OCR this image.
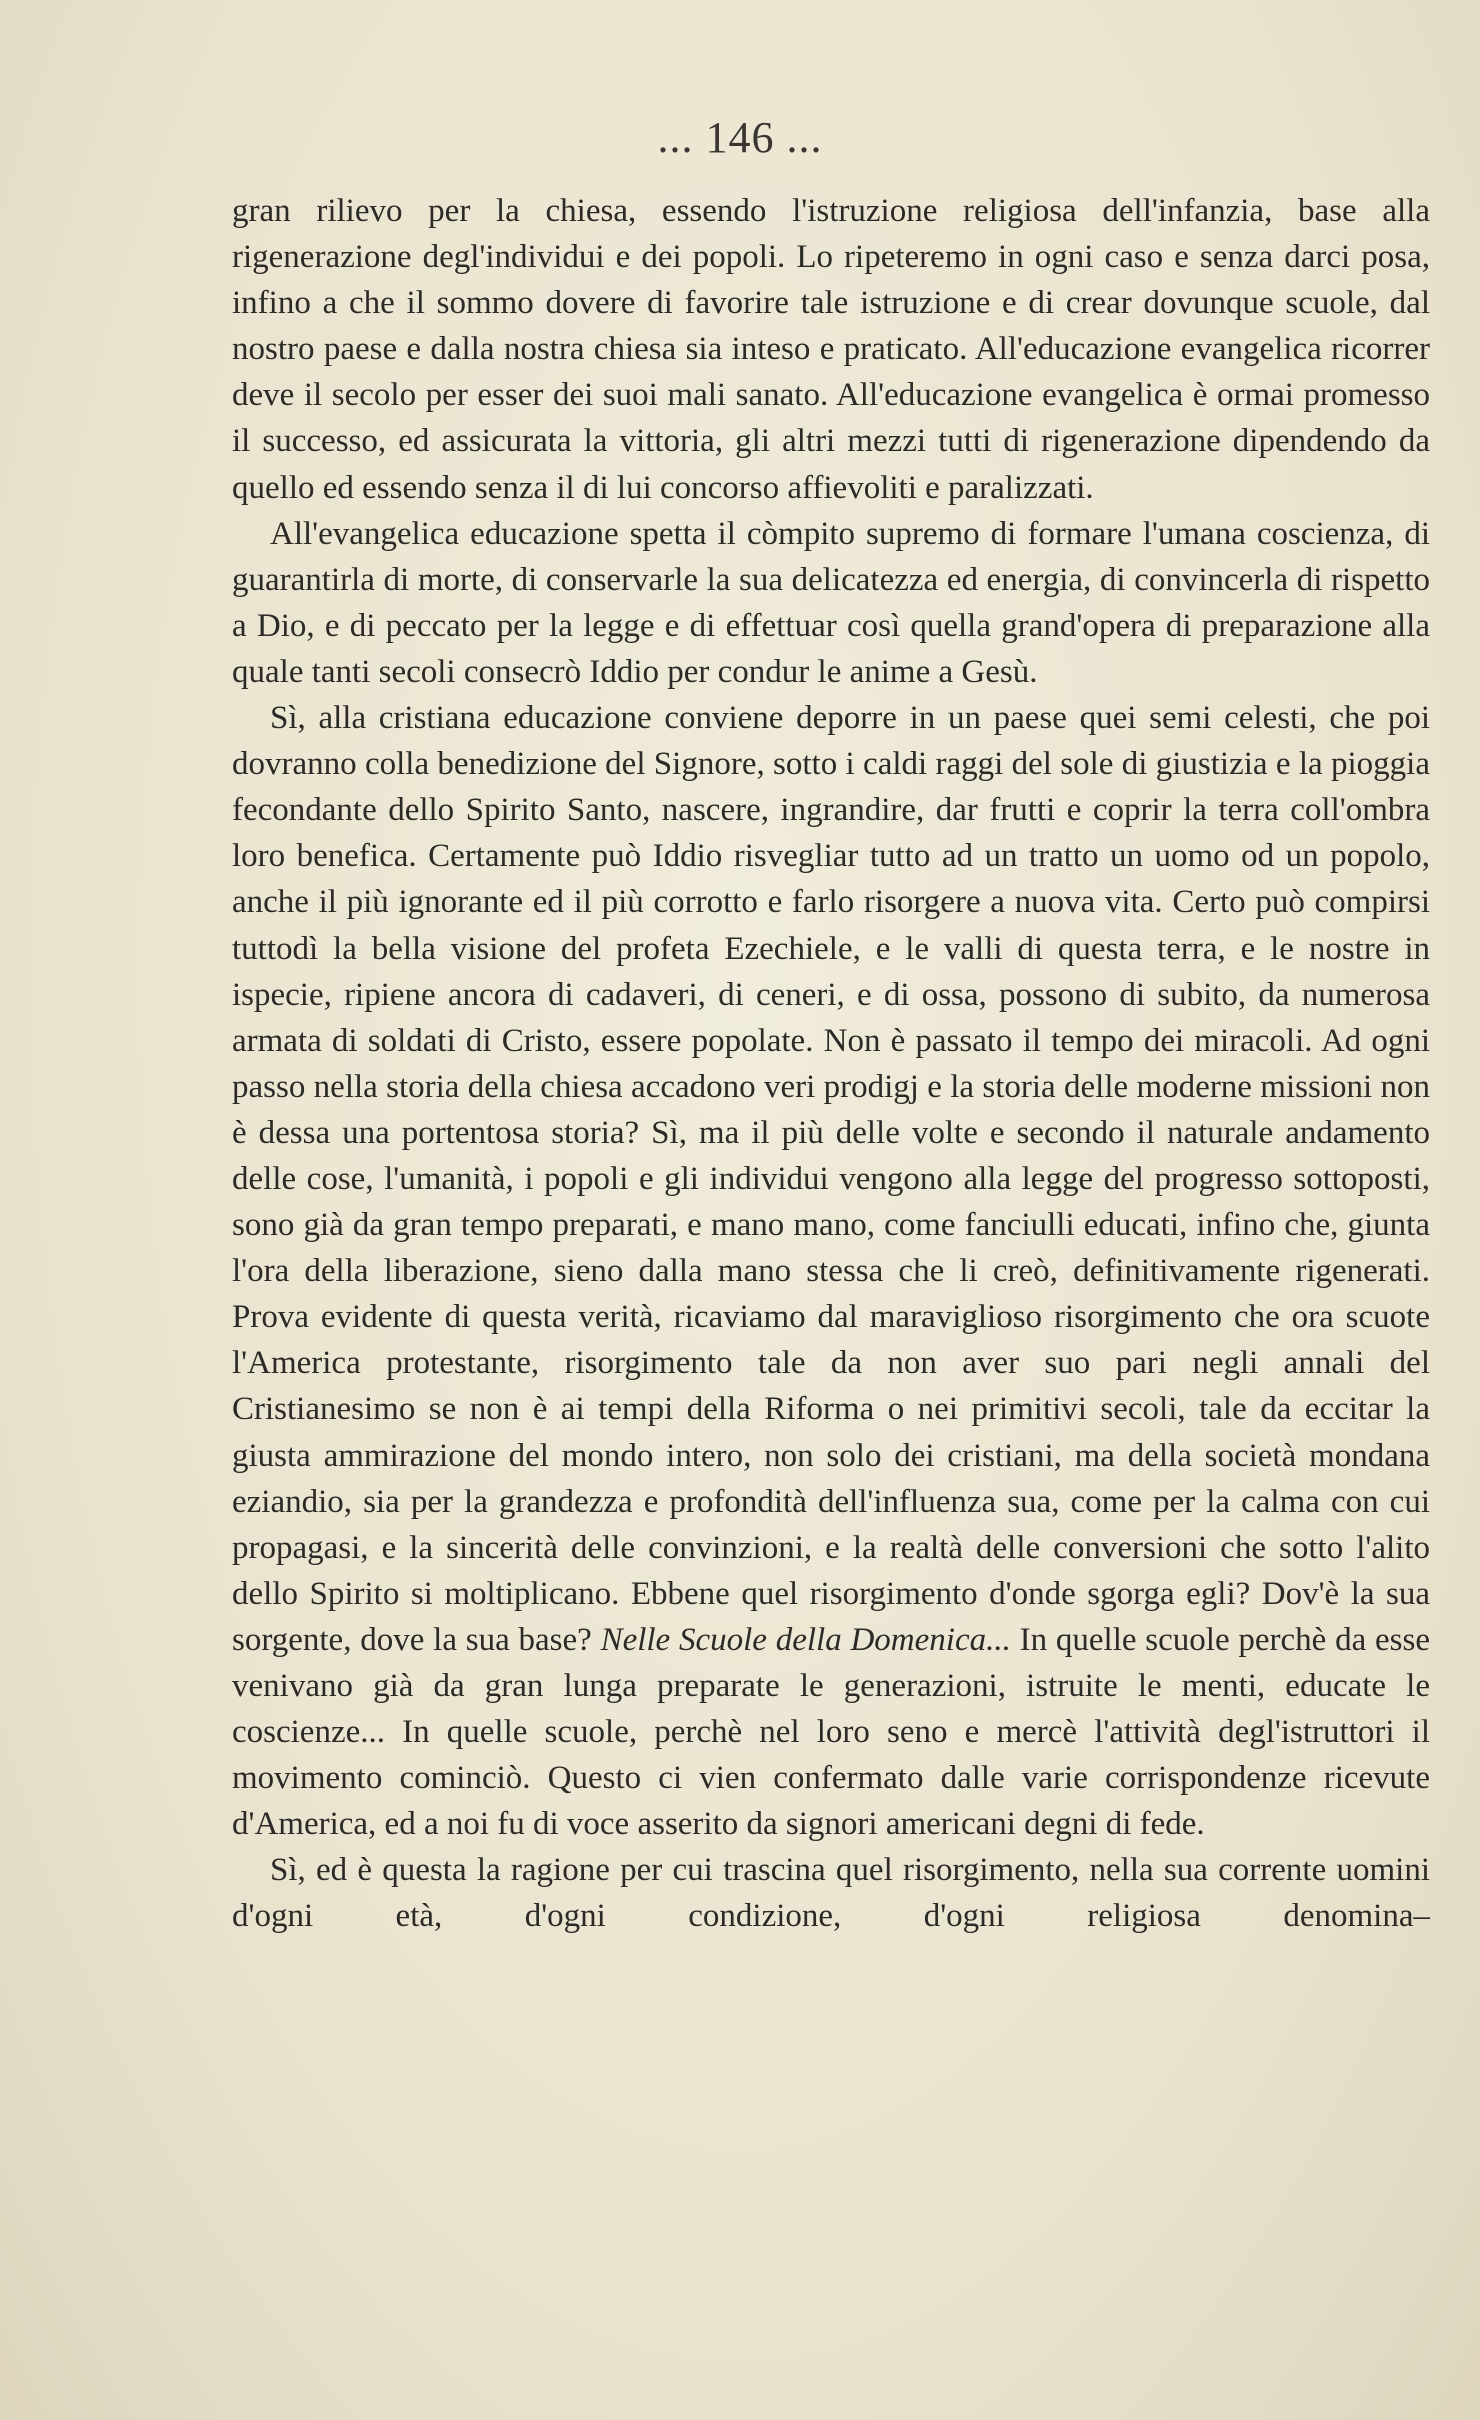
... 146 ...

gran rilievo per la chiesa, essendo l'istruzione religiosa dell'infanzia, base alla rigenerazione degl'individui e dei popoli. Lo ripeteremo in ogni caso e senza darci posa, infino a che il sommo dovere di favorire tale istruzione e di crear dovunque scuole, dal nostro paese e dalla nostra chiesa sia inteso e praticato. All'educazione evangelica ricorrer deve il secolo per esser dei suoi mali sanato. All'educazione evangelica è ormai promesso il successo, ed assicurata la vittoria, gli altri mezzi tutti di rigenerazione dipendendo da quello ed essendo senza il di lui concorso affievoliti e paralizzati.

All'evangelica educazione spetta il còmpito supremo di formare l'umana coscienza, di guarantirla di morte, di conservarle la sua delicatezza ed energia, di convincerla di rispetto a Dio, e di peccato per la legge e di effettuar così quella grand'opera di preparazione alla quale tanti secoli consecrò Iddio per condur le anime a Gesù.

Sì, alla cristiana educazione conviene deporre in un paese quei semi celesti, che poi dovranno colla benedizione del Signore, sotto i caldi raggi del sole di giustizia e la pioggia fecondante dello Spirito Santo, nascere, ingrandire, dar frutti e coprir la terra coll'ombra loro benefica. Certamente può Iddio risvegliar tutto ad un tratto un uomo od un popolo, anche il più ignorante ed il più corrotto e farlo risorgere a nuova vita. Certo può compirsi tuttodì la bella visione del profeta Ezechiele, e le valli di questa terra, e le nostre in ispecie, ripiene ancora di cadaveri, di ceneri, e di ossa, possono di subito, da numerosa armata di soldati di Cristo, essere popolate. Non è passato il tempo dei miracoli. Ad ogni passo nella storia della chiesa accadono veri prodigj e la storia delle moderne missioni non è dessa una portentosa storia? Sì, ma il più delle volte e secondo il naturale andamento delle cose, l'umanità, i popoli e gli individui vengono alla legge del progresso sottoposti, sono già da gran tempo preparati, e mano mano, come fanciulli educati, infino che, giunta l'ora della liberazione, sieno dalla mano stessa che li creò, definitivamente rigenerati. Prova evidente di questa verità, ricaviamo dal maraviglioso risorgimento che ora scuote l'America protestante, risorgimento tale da non aver suo pari negli annali del Cristianesimo se non è ai tempi della Riforma o nei primitivi secoli, tale da eccitar la giusta ammirazione del mondo intero, non solo dei cristiani, ma della società mondana eziandio, sia per la grandezza e profondità dell'influenza sua, come per la calma con cui propagasi, e la sincerità delle convinzioni, e la realtà delle conversioni che sotto l'alito dello Spirito si moltiplicano. Ebbene quel risorgimento d'onde sgorga egli? Dov'è la sua sorgente, dove la sua base? Nelle Scuole della Domenica... In quelle scuole perchè da esse venivano già da gran lunga preparate le generazioni, istruite le menti, educate le coscienze... In quelle scuole, perchè nel loro seno e mercè l'attività degl'istruttori il movimento cominciò. Questo ci vien confermato dalle varie corrispondenze ricevute d'America, ed a noi fu di voce asserito da signori americani degni di fede.

Sì, ed è questa la ragione per cui trascina quel risorgimento, nella sua corrente uomini d'ogni età, d'ogni condizione, d'ogni religiosa denomina–
